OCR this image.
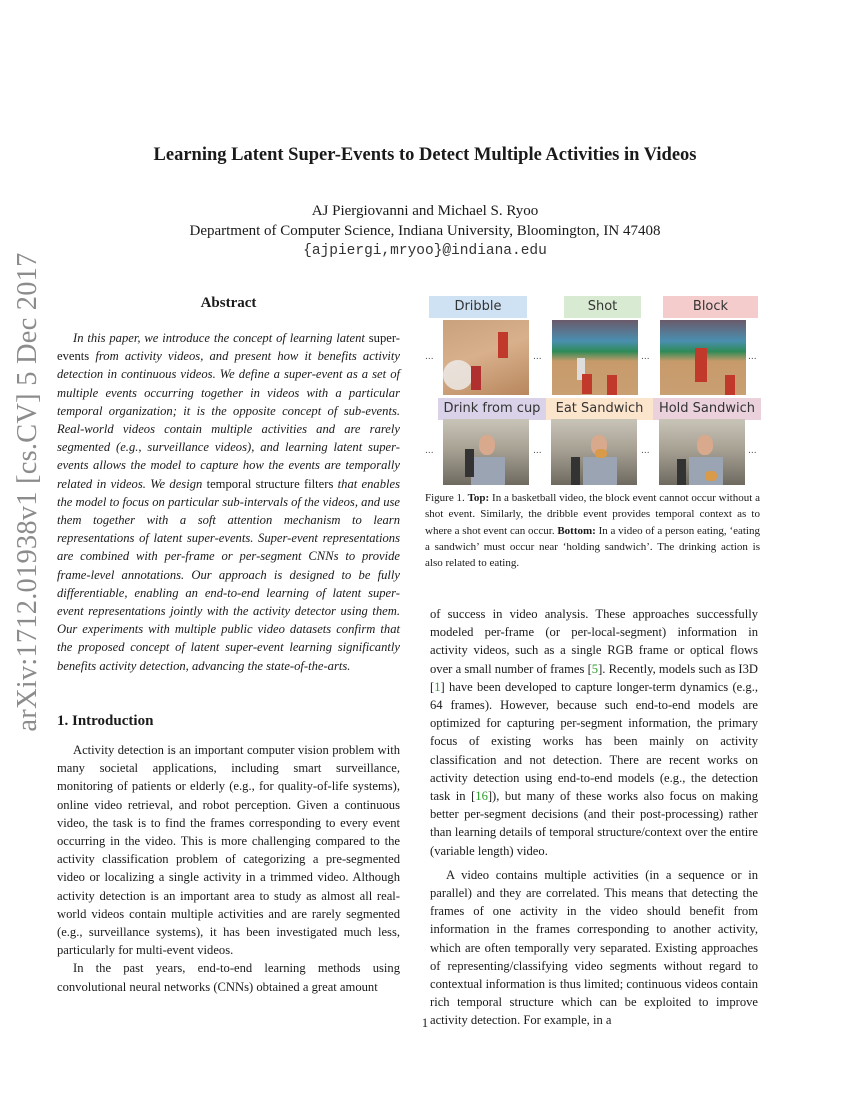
arXiv:1712.01938v1 [cs.CV] 5 Dec 2017
Learning Latent Super-Events to Detect Multiple Activities in Videos
AJ Piergiovanni and Michael S. Ryoo
Department of Computer Science, Indiana University, Bloomington, IN 47408
{ajpiergi,mryoo}@indiana.edu
Abstract
In this paper, we introduce the concept of learning latent super-events from activity videos, and present how it benefits activity detection in continuous videos. We define a super-event as a set of multiple events occurring together in videos with a particular temporal organization; it is the opposite concept of sub-events. Real-world videos contain multiple activities and are rarely segmented (e.g., surveillance videos), and learning latent super-events allows the model to capture how the events are temporally related in videos. We design temporal structure filters that enables the model to focus on particular sub-intervals of the videos, and use them together with a soft attention mechanism to learn representations of latent super-events. Super-event representations are combined with per-frame or per-segment CNNs to provide frame-level annotations. Our approach is designed to be fully differentiable, enabling an end-to-end learning of latent super-event representations jointly with the activity detector using them. Our experiments with multiple public video datasets confirm that the proposed concept of latent super-event learning significantly benefits activity detection, advancing the state-of-the-arts.
1. Introduction

Activity detection is an important computer vision problem with many societal applications, including smart surveillance, monitoring of patients or elderly (e.g., for quality-of-life systems), online video retrieval, and robot perception. Given a continuous video, the task is to find the frames corresponding to every event occurring in the video. This is more challenging compared to the activity classification problem of categorizing a pre-segmented video or localizing a single activity in a trimmed video. Although activity detection is an important area to study as almost all real-world videos contain multiple activities and are rarely segmented (e.g., surveillance systems), it has been investigated much less, particularly for multi-event videos.

In the past years, end-to-end learning methods using convolutional neural networks (CNNs) obtained a great amount

Dribble	Shot	Block
...	...	...	...
Drink from cup	Eat Sandwich	Hold Sandwich
...	...	...	...
Figure 1. Top: In a basketball video, the block event cannot occur without a shot event. Similarly, the dribble event provides temporal context as to where a shot event can occur. Bottom: In a video of a person eating, ‘eating a sandwich’ must occur near ‘holding sandwich’. The drinking action is also related to eating.

of success in video analysis. These approaches successfully modeled per-frame (or per-local-segment) information in activity videos, such as a single RGB frame or optical flows over a small number of frames [5]. Recently, models such as I3D [1] have been developed to capture longer-term dynamics (e.g., 64 frames). However, because such end-to-end models are optimized for capturing per-segment information, the primary focus of existing works has been mainly on activity classification and not detection. There are recent works on activity detection using end-to-end models (e.g., the detection task in [16]), but many of these works also focus on making better per-segment decisions (and their post-processing) rather than learning details of temporal structure/context over the entire (variable length) video.

A video contains multiple activities (in a sequence or in parallel) and they are correlated. This means that detecting the frames of one activity in the video should benefit from information in the frames corresponding to another activity, which are often temporally very separated. Existing approaches of representing/classifying video segments without regard to contextual information is thus limited; continuous videos contain rich temporal structure which can be exploited to improve activity detection. For example, in a

1
